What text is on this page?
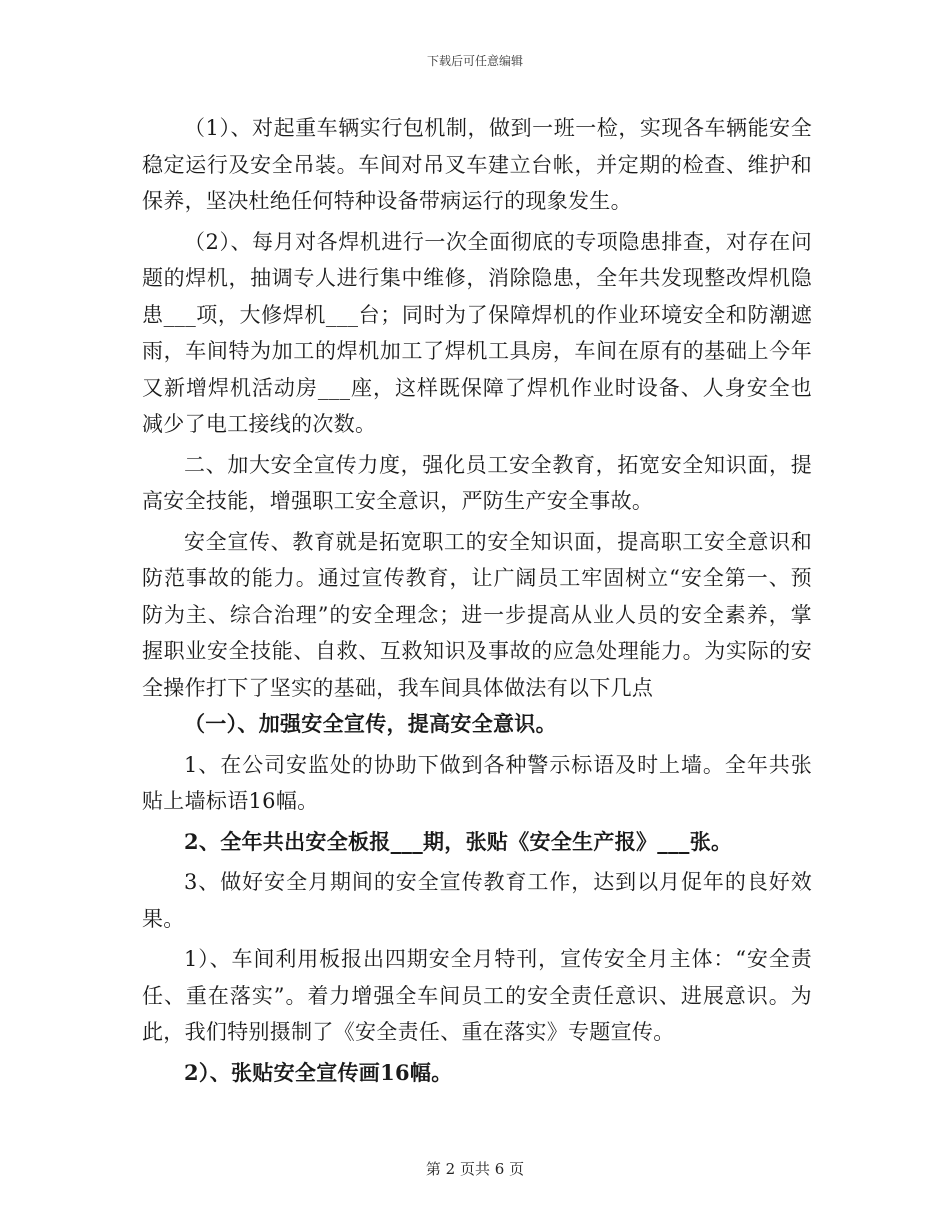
下载后可任意编辑

（1）、对起重车辆实行包机制，做到一班一检，实现各车辆能安全稳定运行及安全吊装。车间对吊叉车建立台帐，并定期的检查、维护和保养，坚决杜绝任何特种设备带病运行的现象发生。

（2）、每月对各焊机进行一次全面彻底的专项隐患排查，对存在问题的焊机，抽调专人进行集中维修，消除隐患，全年共发现整改焊机隐患___项，大修焊机___台；同时为了保障焊机的作业环境安全和防潮遮雨，车间特为加工的焊机加工了焊机工具房，车间在原有的基础上今年又新增焊机活动房___座，这样既保障了焊机作业时设备、人身安全也减少了电工接线的次数。

二、加大安全宣传力度，强化员工安全教育，拓宽安全知识面，提高安全技能，增强职工安全意识，严防生产安全事故。

安全宣传、教育就是拓宽职工的安全知识面，提高职工安全意识和防范事故的能力。通过宣传教育，让广阔员工牢固树立“安全第一、预防为主、综合治理”的安全理念；进一步提高从业人员的安全素养，掌握职业安全技能、自救、互救知识及事故的应急处理能力。为实际的安全操作打下了坚实的基础，我车间具体做法有以下几点

（一）、加强安全宣传，提高安全意识。

1、在公司安监处的协助下做到各种警示标语及时上墙。全年共张贴上墙标语16幅。

2、全年共出安全板报___期，张贴《安全生产报》___张。

3、做好安全月期间的安全宣传教育工作，达到以月促年的良好效果。

1）、车间利用板报出四期安全月特刊，宣传安全月主体：“安全责任、重在落实”。着力增强全车间员工的安全责任意识、进展意识。为此，我们特别摄制了《安全责任、重在落实》专题宣传。

2）、张贴安全宣传画16幅。

第 2 页共 6 页
